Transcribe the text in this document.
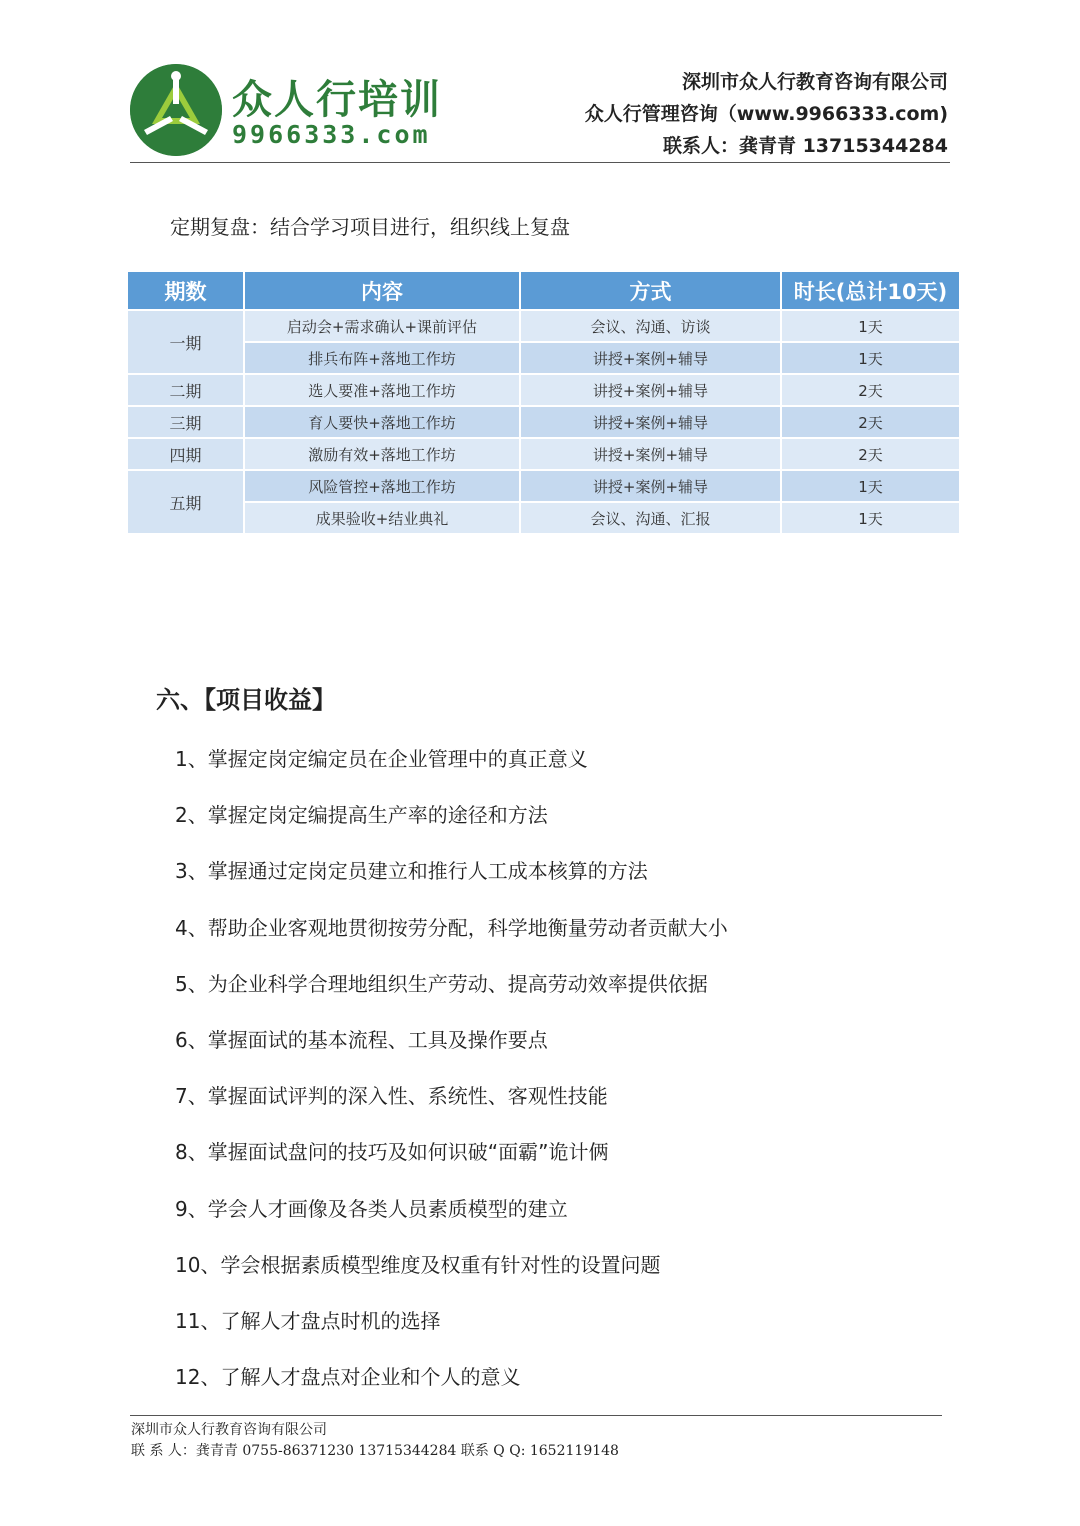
众人行培训
9966333.com
深圳市众人行教育咨询有限公司
众人行管理咨询（www.9966333.com)
联系人：龚青青 13715344284
定期复盘：结合学习项目进行，组织线上复盘
期数	内容	方式	时长(总计10天)
一期	启动会+需求确认+课前评估	会议、沟通、访谈	1天
	排兵布阵+落地工作坊	讲授+案例+辅导	1天
二期	选人要准+落地工作坊	讲授+案例+辅导	2天
三期	育人要快+落地工作坊	讲授+案例+辅导	2天
四期	激励有效+落地工作坊	讲授+案例+辅导	2天
五期	风险管控+落地工作坊	讲授+案例+辅导	1天
	成果验收+结业典礼	会议、沟通、汇报	1天
六、【项目收益】
1、掌握定岗定编定员在企业管理中的真正意义
2、掌握定岗定编提高生产率的途径和方法
3、掌握通过定岗定员建立和推行人工成本核算的方法
4、帮助企业客观地贯彻按劳分配，科学地衡量劳动者贡献大小
5、为企业科学合理地组织生产劳动、提高劳动效率提供依据
6、掌握面试的基本流程、工具及操作要点
7、掌握面试评判的深入性、系统性、客观性技能
8、掌握面试盘问的技巧及如何识破“面霸”诡计俩
9、学会人才画像及各类人员素质模型的建立
10、学会根据素质模型维度及权重有针对性的设置问题
11、了解人才盘点时机的选择
12、了解人才盘点对企业和个人的意义
深圳市众人行教育咨询有限公司
联 系 人：龚青青 0755-86371230 13715344284 联系 Q Q: 1652119148
